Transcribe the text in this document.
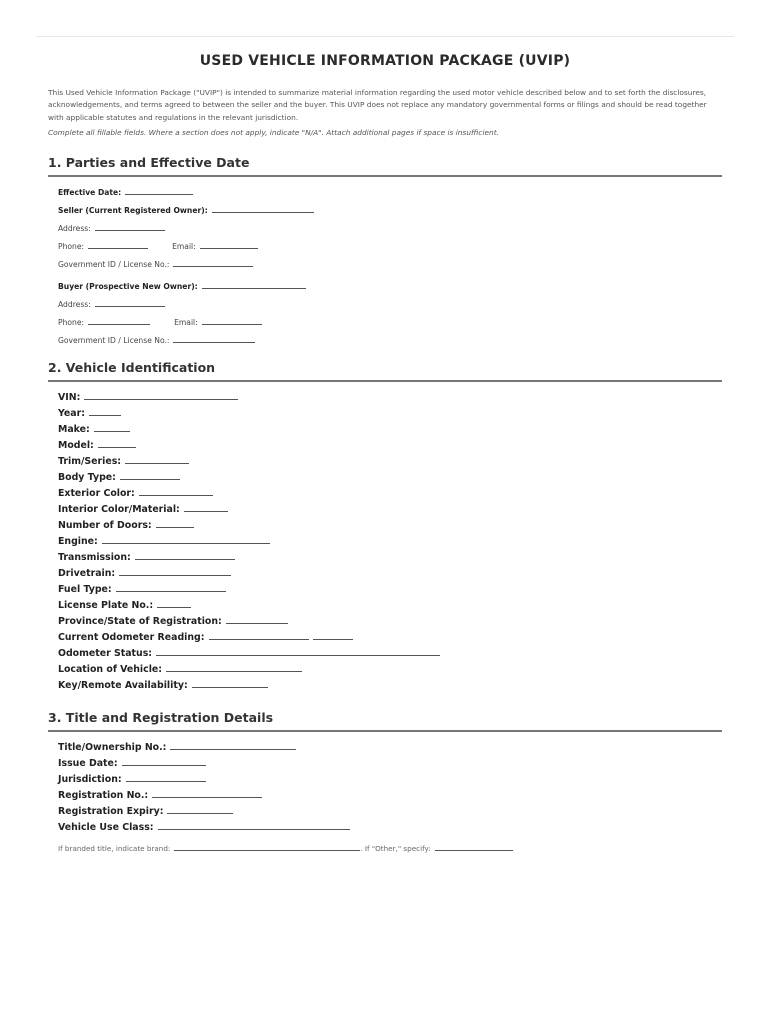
USED VEHICLE INFORMATION PACKAGE (UVIP)
This Used Vehicle Information Package ("UVIP") is intended to summarize material information regarding the used motor vehicle described below and to set forth the disclosures, acknowledgements, and terms agreed to between the seller and the buyer. This UVIP does not replace any mandatory governmental forms or filings and should be read together with applicable statutes and regulations in the relevant jurisdiction.
Complete all fillable fields. Where a section does not apply, indicate "N/A". Attach additional pages if space is insufficient.
1. Parties and Effective Date
Effective Date:
Seller (Current Registered Owner):
Address:
Phone:	Email:
Government ID / License No.:
Buyer (Prospective New Owner):
Address:
Phone:	Email:
Government ID / License No.:
2. Vehicle Identification
VIN:
Year:
Make:
Model:
Trim/Series:
Body Type:
Exterior Color:
Interior Color/Material:
Number of Doors:
Engine:
Transmission:
Drivetrain:
Fuel Type:
License Plate No.:
Province/State of Registration:
Current Odometer Reading:
Odometer Status:
Location of Vehicle:
Key/Remote Availability:
3. Title and Registration Details
Title/Ownership No.:
Issue Date:
Jurisdiction:
Registration No.:
Registration Expiry:
Vehicle Use Class:
If branded title, indicate brand:	. If "Other," specify:
